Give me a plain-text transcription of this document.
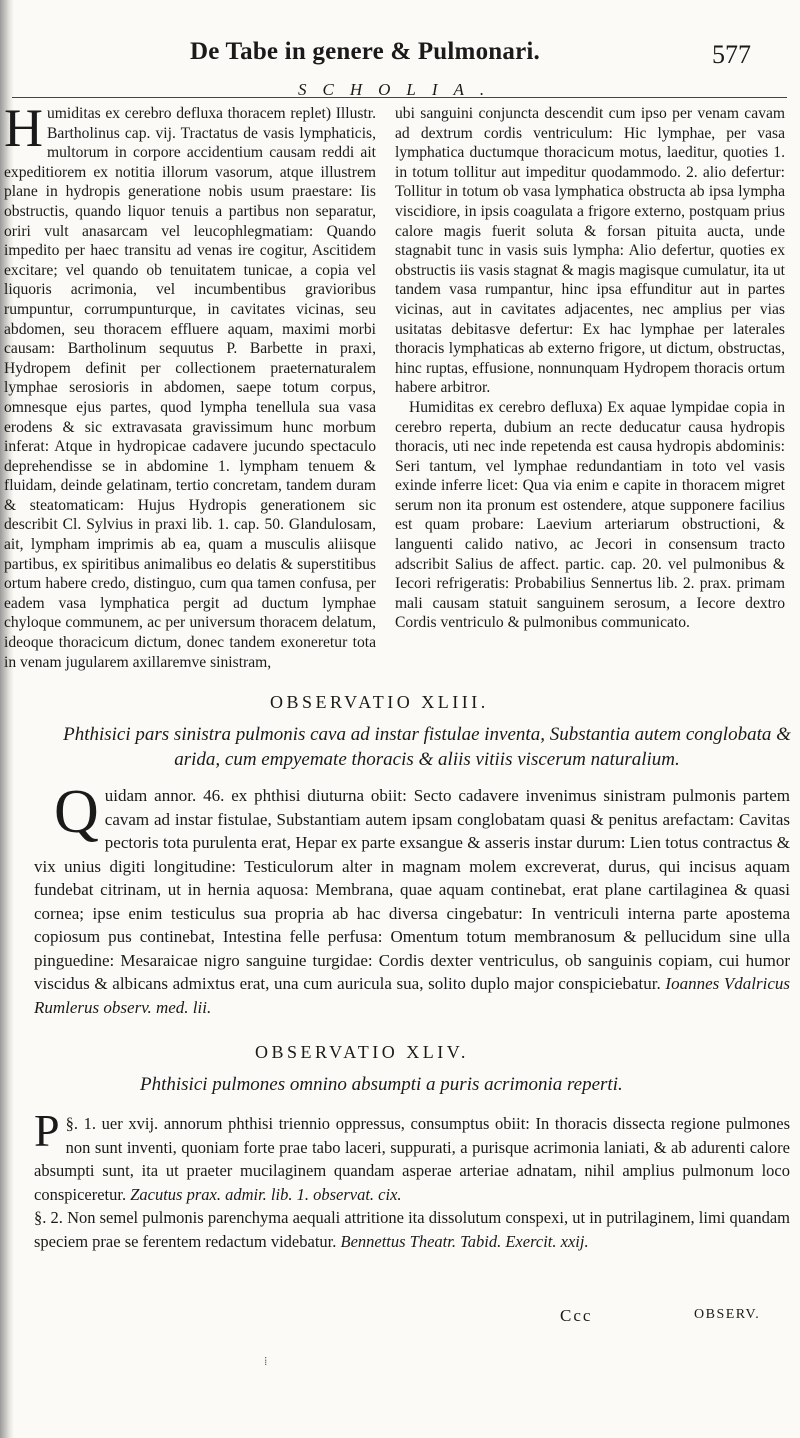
De Tabe in genere & Pulmonari.	577
SCHOLIA.
H umiditas ex cerebro defluxa thoracem replet) Illustr. Bartholinus cap. vij. Tractatus de vasis lymphaticis, multorum in corpore accidentium causam reddi ait expeditiorem ex notitia illorum vasorum, atque illustrem plane in hydropis generatione nobis usum praestare: Iis obstructis, quando liquor tenuis a partibus non separatur, oriri vult anasarcam vel leucophlegmatiam: Quando impedito per haec transitu ad venas ire cogitur, Ascitidem excitare; vel quando ob tenuitatem tunicae, a copia vel liquoris acrimonia, vel incumbentibus gravioribus rumpuntur, corrumpunturque, in cavitates vicinas, seu abdomen, seu thoracem effluere aquam, maximi morbi causam: Bartholinum sequutus P. Barbette in praxi, Hydropem definit per collectionem praeternaturalem lymphae serosioris in abdomen, saepe totum corpus, omnesque ejus partes, quod lympha tenellula sua vasa erodens & sic extravasata gravissimum hunc morbum inferat: Atque in hydropicae cadavere jucundo spectaculo deprehendisse se in abdomine 1. lympham tenuem & fluidam, deinde gelatinam, tertio concretam, tandem duram & steatomaticam: Hujus Hydropis generationem sic describit Cl. Sylvius in praxi lib. 1. cap. 50. Glandulosam, ait, lympham imprimis ab ea, quam a musculis aliisque partibus, ex spiritibus animalibus eo delatis & superstitibus ortum habere credo, distinguo, cum qua tamen confusa, per eadem vasa lymphatica pergit ad ductum lymphae chyloque communem, ac per universum thoracem delatum, ideoque thoracicum dictum, donec tandem exoneretur tota in venam jugularem axillaremve sinistram,

ubi sanguini conjuncta descendit cum ipso per venam cavam ad dextrum cordis ventriculum: Hic lymphae, per vasa lymphatica ductumque thoracicum motus, laeditur, quoties 1. in totum tollitur aut impeditur quodammodo. 2. alio defertur: Tollitur in totum ob vasa lymphatica obstructa ab ipsa lympha viscidiore, in ipsis coagulata a frigore externo, postquam prius calore magis fuerit soluta & forsan pituita aucta, unde stagnabit tunc in vasis suis lympha: Alio defertur, quoties ex obstructis iis vasis stagnat & magis magisque cumulatur, ita ut tandem vasa rumpantur, hinc ipsa effunditur aut in partes vicinas, aut in cavitates adjacentes, nec amplius per vias usitatas debitasve defertur: Ex hac lymphae per laterales thoracis lymphaticas ab externo frigore, ut dictum, obstructas, hinc ruptas, effusione, nonnunquam Hydropem thoracis ortum habere arbitror.

Humiditas ex cerebro defluxa) Ex aquae lympidae copia in cerebro reperta, dubium an recte deducatur causa hydropis thoracis, uti nec inde repetenda est causa hydropis abdominis: Seri tantum, vel lymphae redundantiam in toto vel vasis exinde inferre licet: Qua via enim e capite in thoracem migret serum non ita pronum est ostendere, atque supponere facilius est quam probare: Laevium arteriarum obstructioni, & languenti calido nativo, ac Jecori in consensum tracto adscribit Salius de affect. partic. cap. 20. vel pulmonibus & Iecori refrigeratis: Probabilius Sennertus lib. 2. prax. primam mali causam statuit sanguinem serosum, a Iecore dextro Cordis ventriculo & pulmonibus communicato.

OBSERVATIO XLIII.
Phthisici pars sinistra pulmonis cava ad instar fistulae inventa, Substantia autem conglobata & arida, cum empyemate thoracis & aliis vitiis viscerum naturalium.
Q uidam annor. 46. ex phthisi diuturna obiit: Secto cadavere invenimus sinistram pulmonis partem cavam ad instar fistulae, Substantiam autem ipsam conglobatam quasi & penitus arefactam: Cavitas pectoris tota purulenta erat, Hepar ex parte exsangue & asseris instar durum: Lien totus contractus & vix unius digiti longitudine: Testiculorum alter in magnam molem excreverat, durus, qui incisus aquam fundebat citrinam, ut in hernia aquosa: Membrana, quae aquam continebat, erat plane cartilaginea & quasi cornea; ipse enim testiculus sua propria ab hac diversa cingebatur: In ventriculi interna parte apostema copiosum pus continebat, Intestina felle perfusa: Omentum totum membranosum & pellucidum sine ulla pinguedine: Mesaraicae nigro sanguine turgidae: Cordis dexter ventriculus, ob sanguinis copiam, cui humor viscidus & albicans admixtus erat, una cum auricula sua, solito duplo major conspiciebatur. Ioannes Vdalricus Rumlerus observ. med. lii.
OBSERVATIO XLIV.
Phthisici pulmones omnino absumpti a puris acrimonia reperti.

§. 1.
P	uer xvij. annorum phthisi triennio oppressus, consumptus obiit: In thoracis dissecta regione pulmones non sunt inventi, quoniam forte prae tabo laceri, suppurati, a purisque acrimonia laniati, & ab adurenti calore absumpti sunt, ita ut praeter mucilaginem quandam asperae arteriae adnatam, nihil amplius pulmonum loco conspiceretur. Zacutus prax. admir. lib. 1. observat. cix.

§. 2. Non semel pulmonis parenchyma aequali attritione ita dissolutum conspexi, ut in putrilaginem, limi quandam speciem prae se ferentem redactum videbatur. Bennettus Theatr. Tabid. Exercit. xxij.

Ccc	OBSERV.
⁞
